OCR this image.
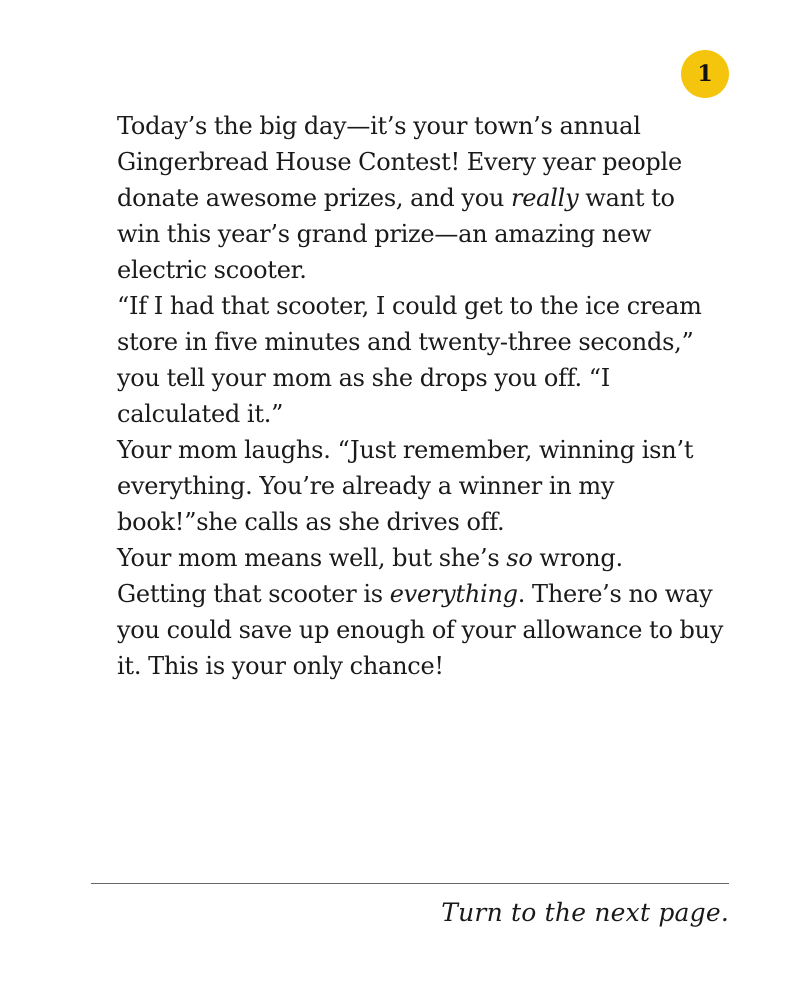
1

Today’s the big day—it’s your town’s annual
Gingerbread House Contest! Every year people
donate awesome prizes, and you really want to
win this year’s grand prize—an amazing new
electric scooter.

“If I had that scooter, I could get to the ice cream
store in five minutes and twenty-three seconds,”
you tell your mom as she drops you off. “I
calculated it.”

Your mom laughs. “Just remember, winning isn’t
everything. You’re already a winner in my
book!”she calls as she drives off.

Your mom means well, but she’s so wrong.
Getting that scooter is everything. There’s no way
you could save up enough of your allowance to buy
it. This is your only chance!

Turn to the next page.
